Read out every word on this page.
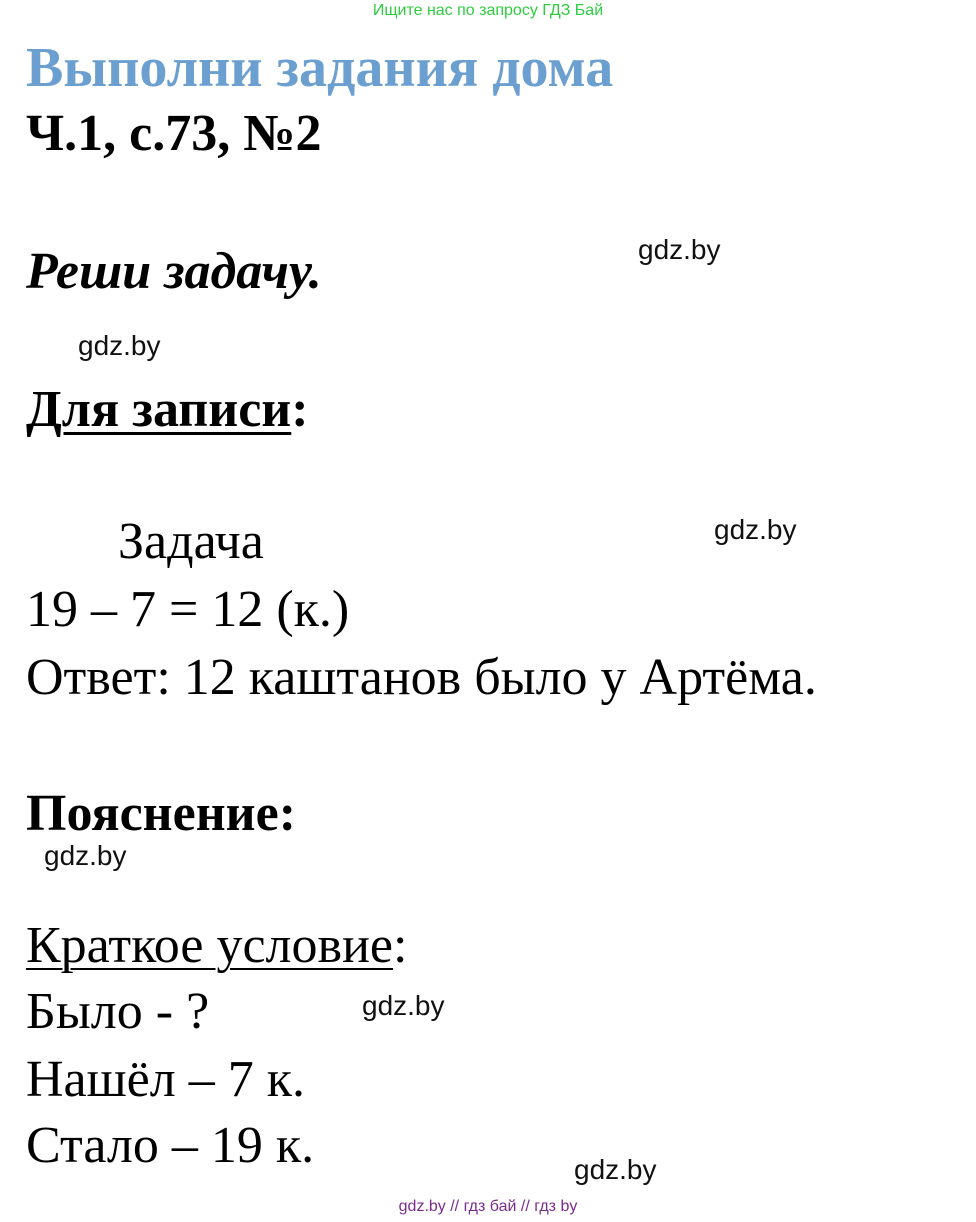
Ищите нас по запросу ГДЗ Бай
Выполни задания дома
Ч.1, с.73, №2
gdz.by
Реши задачу.
gdz.by
Для записи:
Задача	gdz.by
19 – 7 = 12 (к.)
Ответ: 12 каштанов было у Артёма.
Пояснение:
gdz.by
Краткое условие:
Было - ?	gdz.by
Нашёл – 7 к.
Стало – 19 к.	gdz.by
gdz.by // гдз бай // гдз by
